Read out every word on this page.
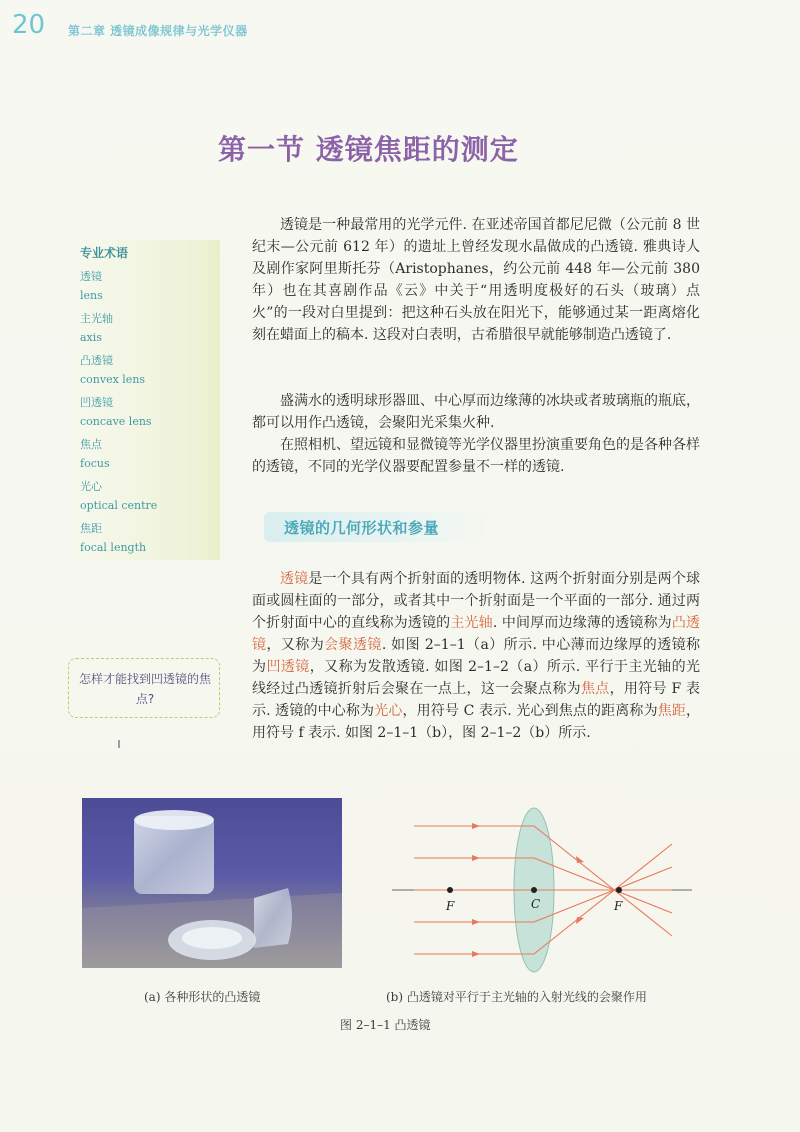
20 第二章 透镜成像规律与光学仪器
第一节 透镜焦距的测定
专业术语
透镜
lens
主光轴
axis
凸透镜
convex lens
凹透镜
concave lens
焦点
focus
光心
optical centre
焦距
focal length
怎样才能找到凹透镜的焦点?

透镜是一种最常用的光学元件. 在亚述帝国首都尼尼微（公元前 8 世纪末—公元前 612 年）的遗址上曾经发现水晶做成的凸透镜. 雅典诗人及剧作家阿里斯托芬（Aristophanes，约公元前 448 年—公元前 380 年）也在其喜剧作品《云》中关于“用透明度极好的石头（玻璃）点火”的一段对白里提到：把这种石头放在阳光下，能够通过某一距离熔化刻在蜡面上的稿本. 这段对白表明，古希腊很早就能够制造凸透镜了.

盛满水的透明球形器皿、中心厚而边缘薄的冰块或者玻璃瓶的瓶底，都可以用作凸透镜，会聚阳光采集火种.

在照相机、望远镜和显微镜等光学仪器里扮演重要角色的是各种各样的透镜，不同的光学仪器要配置参量不一样的透镜.

透镜的几何形状和参量

透镜是一个具有两个折射面的透明物体. 这两个折射面分别是两个球面或圆柱面的一部分，或者其中一个折射面是一个平面的一部分. 通过两个折射面中心的直线称为透镜的主光轴. 中间厚而边缘薄的透镜称为凸透镜，又称为会聚透镜. 如图 2–1–1（a）所示. 中心薄而边缘厚的透镜称为凹透镜，又称为发散透镜. 如图 2–1–2（a）所示. 平行于主光轴的光线经过凸透镜折射后会聚在一点上，这一会聚点称为焦点，用符号 F 表示. 透镜的中心称为光心，用符号 C 表示. 光心到焦点的距离称为焦距，用符号 f 表示. 如图 2–1–1（b），图 2–1–2（b）所示.

F	C	F
(a) 各种形状的凸透镜	(b) 凸透镜对平行于主光轴的入射光线的会聚作用
图 2–1–1 凸透镜
